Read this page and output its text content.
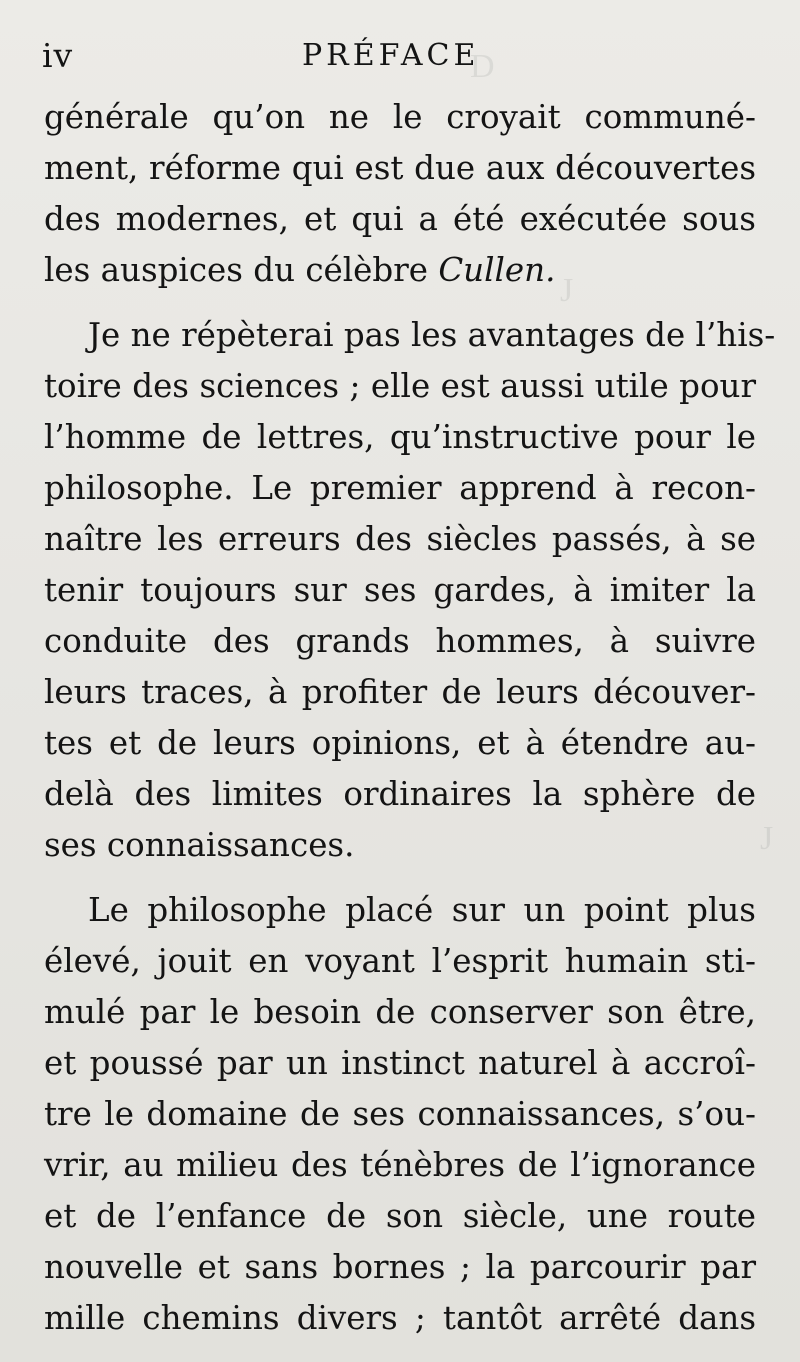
D
J
J
iv	PRÉFACE
générale qu’on ne le croyait communé-
ment, réforme qui est due aux découvertes
des modernes, et qui a été exécutée sous
les auspices du célèbre Cullen.
Je ne répèterai pas les avantages de l’his-
toire des sciences ; elle est aussi utile pour
l’homme de lettres, qu’instructive pour le
philosophe. Le premier apprend à recon-
naître les erreurs des siècles passés, à se
tenir toujours sur ses gardes, à imiter la
conduite des grands hommes, à suivre
leurs traces, à profiter de leurs découver-
tes et de leurs opinions, et à étendre au-
delà des limites ordinaires la sphère de
ses connaissances.
Le philosophe placé sur un point plus
élevé, jouit en voyant l’esprit humain sti-
mulé par le besoin de conserver son être,
et poussé par un instinct naturel à accroî-
tre le domaine de ses connaissances, s’ou-
vrir, au milieu des ténèbres de l’ignorance
et de l’enfance de son siècle, une route
nouvelle et sans bornes ; la parcourir par
mille chemins divers ; tantôt arrêté dans
